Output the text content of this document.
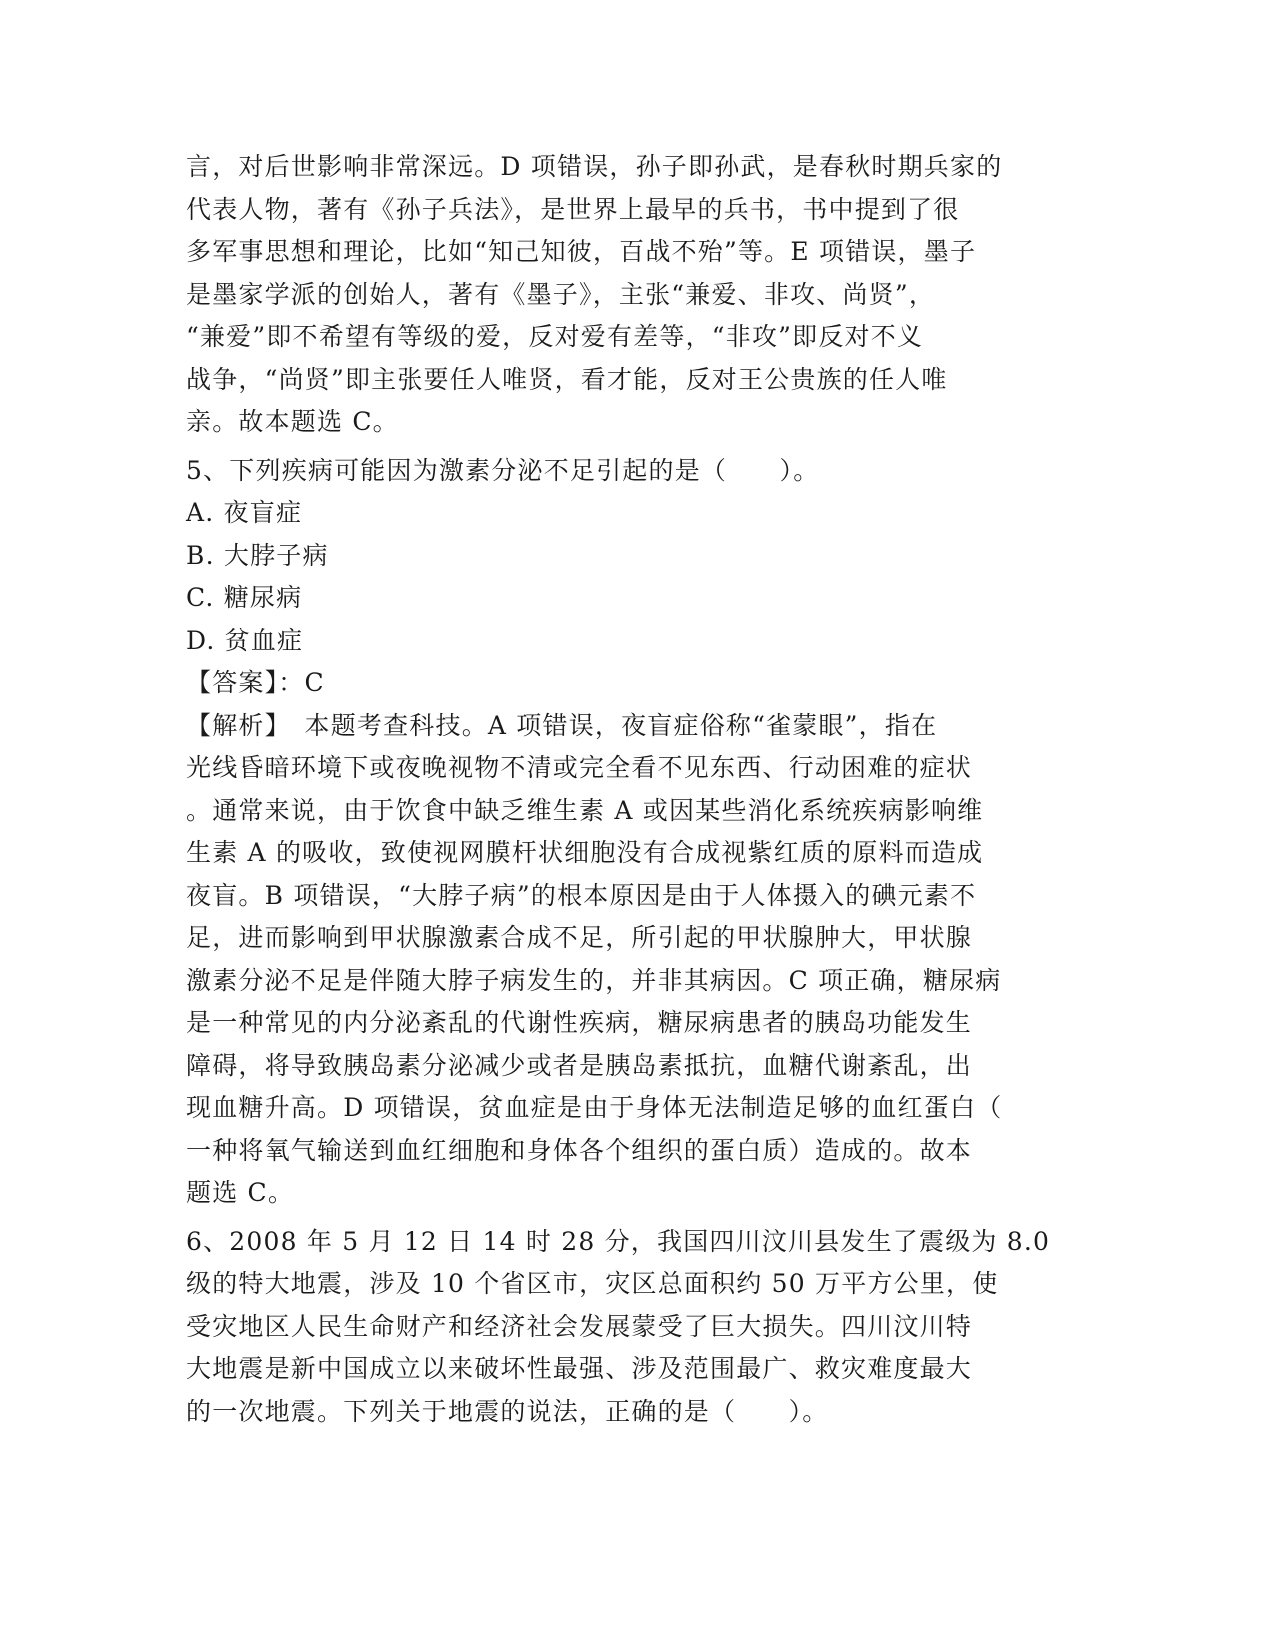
言，对后世影响非常深远。D 项错误，孙子即孙武，是春秋时期兵家的
代表人物，著有《孙子兵法》，是世界上最早的兵书，书中提到了很
多军事思想和理论，比如“知己知彼，百战不殆”等。E 项错误，墨子
是墨家学派的创始人，著有《墨子》，主张“兼爱、非攻、尚贤”，
“兼爱”即不希望有等级的爱，反对爱有差等，“非攻”即反对不义
战争，“尚贤”即主张要任人唯贤，看才能，反对王公贵族的任人唯
亲。故本题选 C。
5、下列疾病可能因为激素分泌不足引起的是（　　）。
A. 夜盲症
B. 大脖子病
C. 糖尿病
D. 贫血症
【答案】：C
【解析】　本题考查科技。A 项错误，夜盲症俗称“雀蒙眼”，指在
光线昏暗环境下或夜晚视物不清或完全看不见东西、行动困难的症状
。通常来说，由于饮食中缺乏维生素 A 或因某些消化系统疾病影响维
生素 A 的吸收，致使视网膜杆状细胞没有合成视紫红质的原料而造成
夜盲。B 项错误，“大脖子病”的根本原因是由于人体摄入的碘元素不
足，进而影响到甲状腺激素合成不足，所引起的甲状腺肿大，甲状腺
激素分泌不足是伴随大脖子病发生的，并非其病因。C 项正确，糖尿病
是一种常见的内分泌紊乱的代谢性疾病，糖尿病患者的胰岛功能发生
障碍，将导致胰岛素分泌减少或者是胰岛素抵抗，血糖代谢紊乱，出
现血糖升高。D 项错误，贫血症是由于身体无法制造足够的血红蛋白（
一种将氧气输送到血红细胞和身体各个组织的蛋白质）造成的。故本
题选 C。
6、2008 年 5 月 12 日 14 时 28 分，我国四川汶川县发生了震级为 8.0
级的特大地震，涉及 10 个省区市，灾区总面积约 50 万平方公里，使
受灾地区人民生命财产和经济社会发展蒙受了巨大损失。四川汶川特
大地震是新中国成立以来破坏性最强、涉及范围最广、救灾难度最大
的一次地震。下列关于地震的说法，正确的是（　　）。
